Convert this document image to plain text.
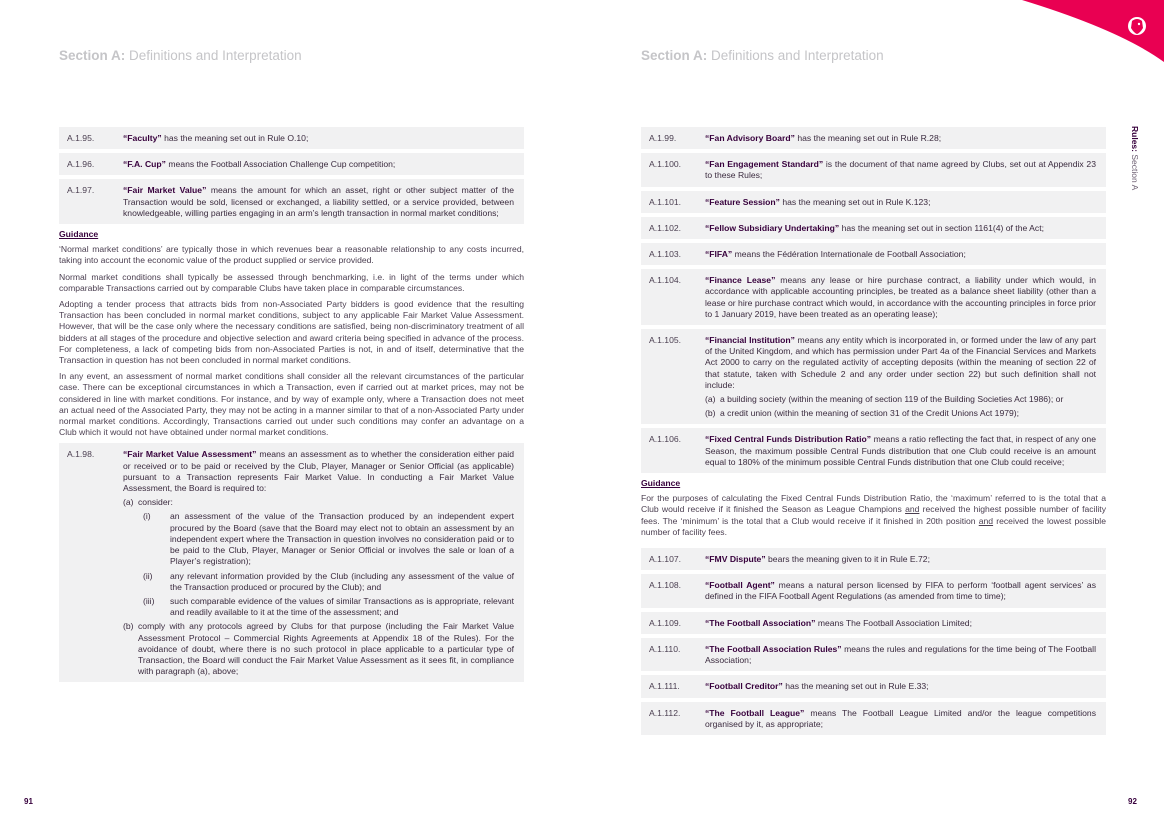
Section A: Definitions and Interpretation
A.1.95.	“Faculty” has the meaning set out in Rule O.10;
A.1.96.	“F.A. Cup” means the Football Association Challenge Cup competition;
A.1.97.	“Fair Market Value” means the amount for which an asset, right or other subject matter of the Transaction would be sold, licensed or exchanged, a liability settled, or a service provided, between knowledgeable, willing parties engaging in an arm’s length transaction in normal market conditions;
Guidance
‘Normal market conditions’ are typically those in which revenues bear a reasonable relationship to any costs incurred, taking into account the economic value of the product supplied or service provided.
Normal market conditions shall typically be assessed through benchmarking, i.e. in light of the terms under which comparable Transactions carried out by comparable Clubs have taken place in comparable circumstances.
Adopting a tender process that attracts bids from non-Associated Party bidders is good evidence that the resulting Transaction has been concluded in normal market conditions, subject to any applicable Fair Market Value Assessment. However, that will be the case only where the necessary conditions are satisfied, being non-discriminatory treatment of all bidders at all stages of the procedure and objective selection and award criteria being specified in advance of the process. For completeness, a lack of competing bids from non-Associated Parties is not, in and of itself, determinative that the Transaction in question has not been concluded in normal market conditions.
In any event, an assessment of normal market conditions shall consider all the relevant circumstances of the particular case. There can be exceptional circumstances in which a Transaction, even if carried out at market prices, may not be considered in line with market conditions. For instance, and by way of example only, where a Transaction does not meet an actual need of the Associated Party, they may not be acting in a manner similar to that of a non-Associated Party under normal market conditions. Accordingly, Transactions carried out under such conditions may confer an advantage on a Club which it would not have obtained under normal market conditions.
A.1.98.	“Fair Market Value Assessment” means an assessment as to whether the consideration either paid or received or to be paid or received by the Club, Player, Manager or Senior Official (as applicable) pursuant to a Transaction represents Fair Market Value. In conducting a Fair Market Value Assessment, the Board is required to:
(a) consider:
(i)	an assessment of the value of the Transaction produced by an independent expert procured by the Board (save that the Board may elect not to obtain an assessment by an independent expert where the Transaction in question involves no consideration paid or to be paid to the Club, Player, Manager or Senior Official or involves the sale or loan of a Player’s registration);
(ii)	any relevant information provided by the Club (including any assessment of the value of the Transaction produced or procured by the Club); and
(iii)	such comparable evidence of the values of similar Transactions as is appropriate, relevant and readily available to it at the time of the assessment; and
(b) comply with any protocols agreed by Clubs for that purpose (including the Fair Market Value Assessment Protocol – Commercial Rights Agreements at Appendix 18 of the Rules). For the avoidance of doubt, where there is no such protocol in place applicable to a particular type of Transaction, the Board will conduct the Fair Market Value Assessment as it sees fit, in compliance with paragraph (a), above;
91
Section A: Definitions and Interpretation
A.1.99.	“Fan Advisory Board” has the meaning set out in Rule R.28;
A.1.100.	“Fan Engagement Standard” is the document of that name agreed by Clubs, set out at Appendix 23 to these Rules;
A.1.101.	“Feature Session” has the meaning set out in Rule K.123;
A.1.102.	“Fellow Subsidiary Undertaking” has the meaning set out in section 1161(4) of the Act;
A.1.103.	“FIFA” means the Fédération Internationale de Football Association;
A.1.104.	“Finance Lease” means any lease or hire purchase contract, a liability under which would, in accordance with applicable accounting principles, be treated as a balance sheet liability (other than a lease or hire purchase contract which would, in accordance with the accounting principles in force prior to 1 January 2019, have been treated as an operating lease);
A.1.105.	“Financial Institution” means any entity which is incorporated in, or formed under the law of any part of the United Kingdom, and which has permission under Part 4a of the Financial Services and Markets Act 2000 to carry on the regulated activity of accepting deposits (within the meaning of section 22 of that statute, taken with Schedule 2 and any order under section 22) but such definition shall not include:
(a) a building society (within the meaning of section 119 of the Building Societies Act 1986); or
(b) a credit union (within the meaning of section 31 of the Credit Unions Act 1979);
A.1.106.	“Fixed Central Funds Distribution Ratio” means a ratio reflecting the fact that, in respect of any one Season, the maximum possible Central Funds distribution that one Club could receive is an amount equal to 180% of the minimum possible Central Funds distribution that one Club could receive;
Guidance
For the purposes of calculating the Fixed Central Funds Distribution Ratio, the ‘maximum’ referred to is the total that a Club would receive if it finished the Season as League Champions and received the highest possible number of facility fees. The ‘minimum’ is the total that a Club would receive if it finished in 20th position and received the lowest possible number of facility fees.
A.1.107.	“FMV Dispute” bears the meaning given to it in Rule E.72;
A.1.108.	“Football Agent” means a natural person licensed by FIFA to perform ‘football agent services’ as defined in the FIFA Football Agent Regulations (as amended from time to time);
A.1.109.	“The Football Association” means The Football Association Limited;
A.1.110.	“The Football Association Rules” means the rules and regulations for the time being of The Football Association;
A.1.111.	“Football Creditor” has the meaning set out in Rule E.33;
A.1.112.	“The Football League” means The Football League Limited and/or the league competitions organised by it, as appropriate;
92
Rules: Section A
